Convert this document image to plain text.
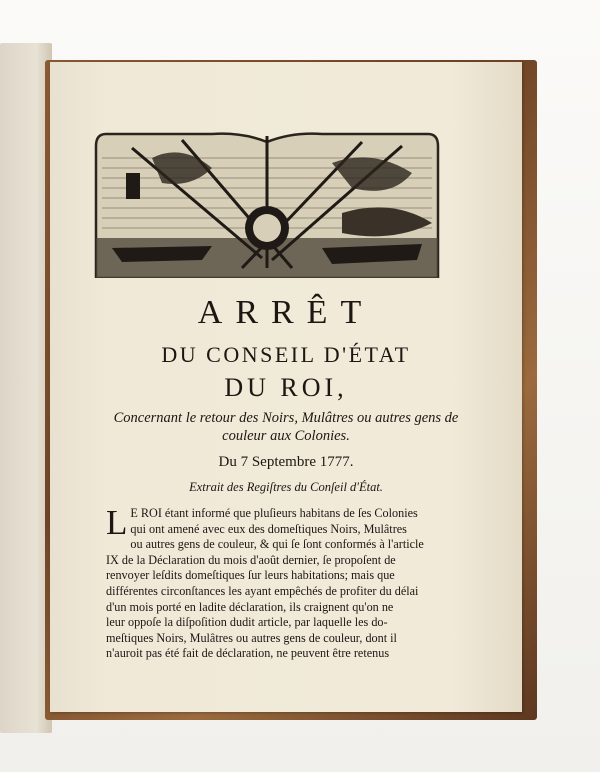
ARRÊT
DU CONSEIL D'ÉTAT
DU ROI,
Concernant le retour des Noirs, Mulâtres ou autres gens de couleur aux Colonies.
Du 7 Septembre 1777.
Extrait des Regiſtres du Conſeil d'État.
L E ROI étant informé que pluſieurs habitans de ſes Colonies
qui ont amené avec eux des domeſtiques Noirs, Mulâtres
ou autres gens de couleur, & qui ſe ſont conformés à l'article
IX de la Déclaration du mois d'août dernier, ſe propoſent de
renvoyer leſdits domeſtiques ſur leurs habitations; mais que
différentes circonſtances les ayant empêchés de profiter du délai
d'un mois porté en ladite déclaration, ils craignent qu'on ne
leur oppoſe la diſpoſition dudit article, par laquelle les do-
meſtiques Noirs, Mulâtres ou autres gens de couleur, dont il
n'auroit pas été fait de déclaration, ne peuvent être retenus
